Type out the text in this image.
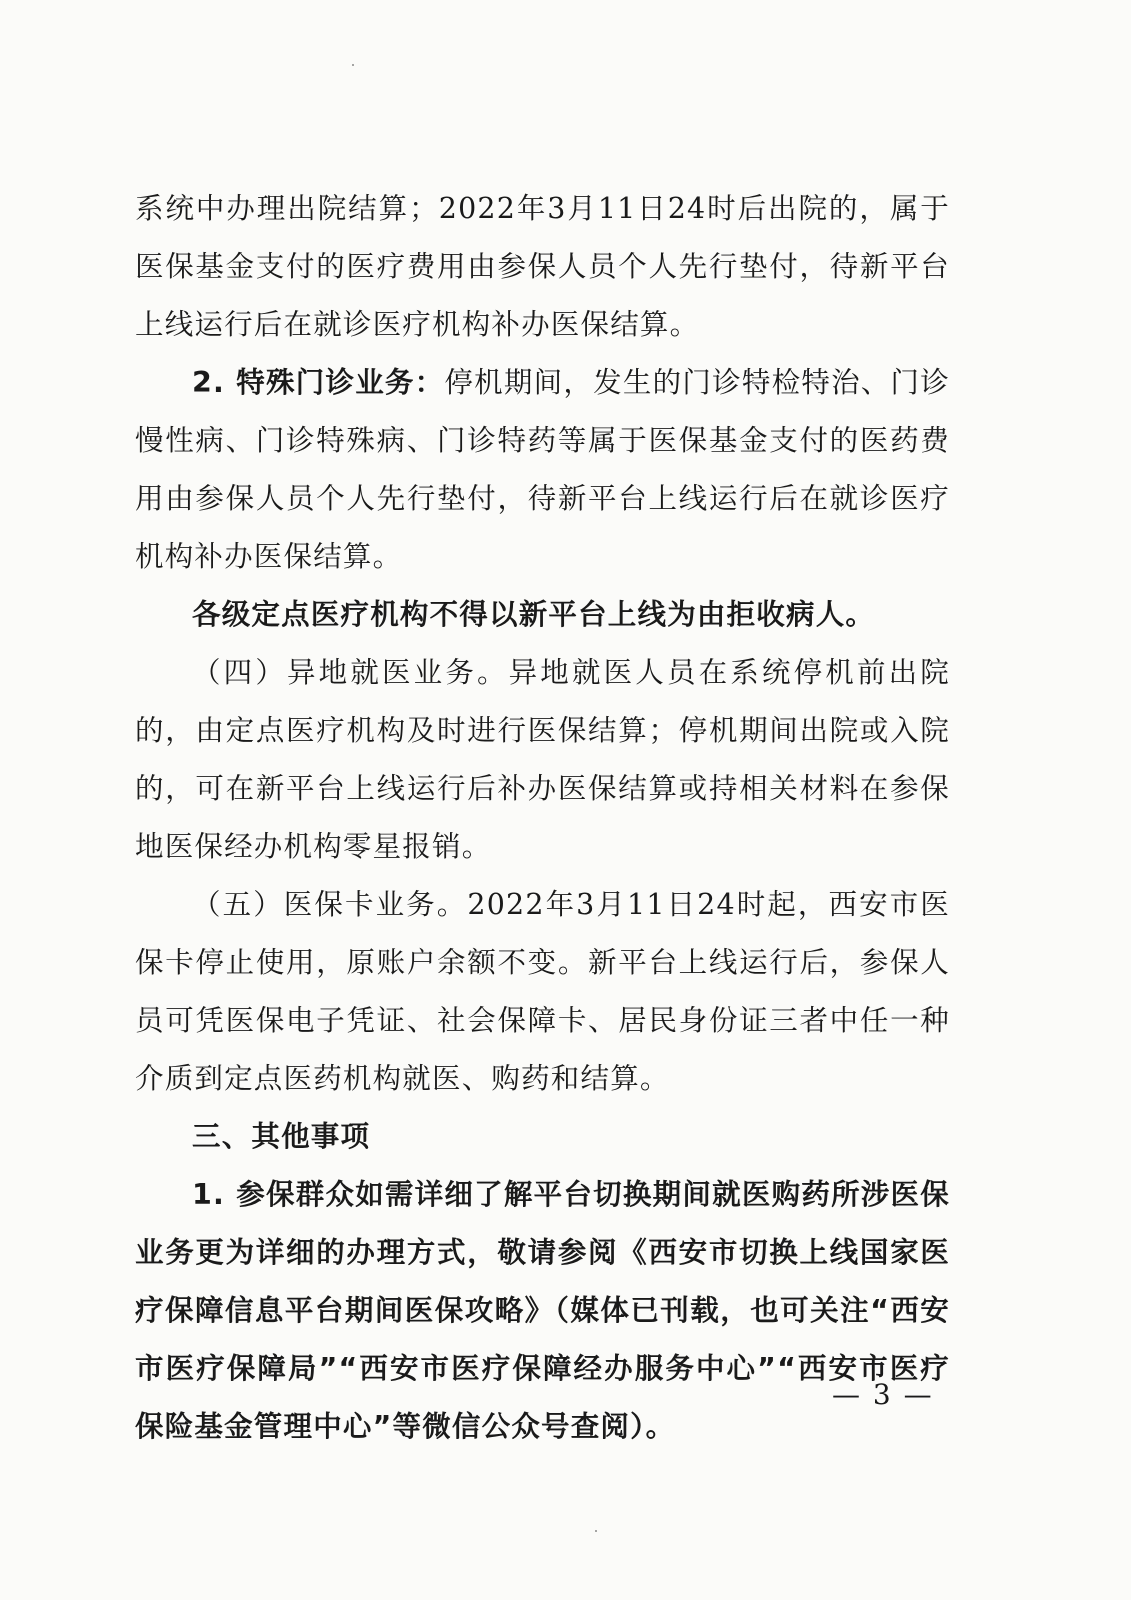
系统中办理出院结算；2022年3月11日24时后出院的，属于医保基金支付的医疗费用由参保人员个人先行垫付，待新平台上线运行后在就诊医疗机构补办医保结算。

2. 特殊门诊业务：停机期间，发生的门诊特检特治、门诊慢性病、门诊特殊病、门诊特药等属于医保基金支付的医药费用由参保人员个人先行垫付，待新平台上线运行后在就诊医疗机构补办医保结算。

各级定点医疗机构不得以新平台上线为由拒收病人。

（四）异地就医业务。异地就医人员在系统停机前出院的，由定点医疗机构及时进行医保结算；停机期间出院或入院的，可在新平台上线运行后补办医保结算或持相关材料在参保地医保经办机构零星报销。

（五）医保卡业务。2022年3月11日24时起，西安市医保卡停止使用，原账户余额不变。新平台上线运行后，参保人员可凭医保电子凭证、社会保障卡、居民身份证三者中任一种介质到定点医药机构就医、购药和结算。

三、其他事项

1. 参保群众如需详细了解平台切换期间就医购药所涉医保业务更为详细的办理方式，敬请参阅《西安市切换上线国家医疗保障信息平台期间医保攻略》（媒体已刊载，也可关注“西安市医疗保障局”“西安市医疗保障经办服务中心”“西安市医疗保险基金管理中心”等微信公众号查阅）。

— 3 —
